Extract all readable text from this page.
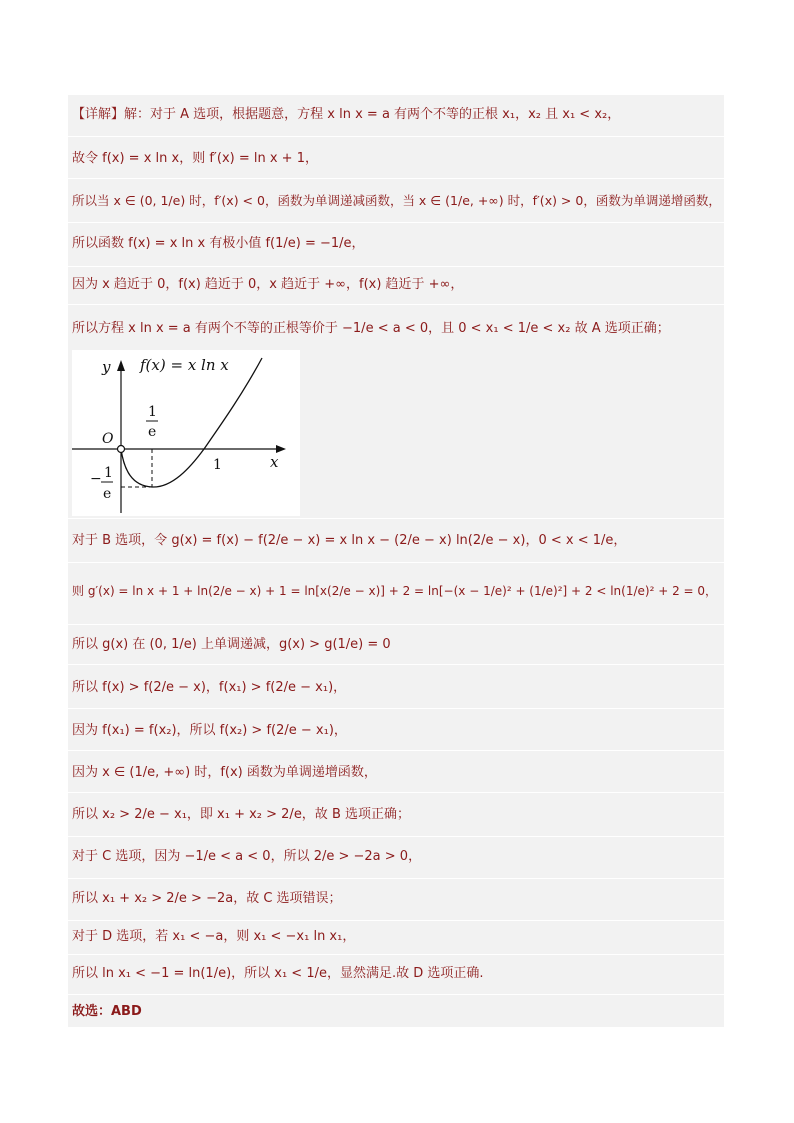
【详解】解：对于 A 选项，根据题意，方程 x ln x = a 有两个不等的正根 x₁，x₂ 且 x₁ < x₂，
故令 f(x) = x ln x，则 f′(x) = ln x + 1，
所以当 x ∈ (0, 1/e) 时，f′(x) < 0，函数为单调递减函数，当 x ∈ (1/e, +∞) 时，f′(x) > 0，函数为单调递增函数，
所以函数 f(x) = x ln x 有极小值 f(1/e) = −1/e，
因为 x 趋近于 0，f(x) 趋近于 0，x 趋近于 +∞，f(x) 趋近于 +∞，
所以方程 x ln x = a 有两个不等的正根等价于 −1/e < a < 0，且 0 < x₁ < 1/e < x₂ 故 A 选项正确；
y f(x) = x ln x
O
1
e
1	x
− 1
e
对于 B 选项，令 g(x) = f(x) − f(2/e − x) = x ln x − (2/e − x) ln(2/e − x)，0 < x < 1/e，
则 g′(x) = ln x + 1 + ln(2/e − x) + 1 = ln[x(2/e − x)] + 2 = ln[−(x − 1/e)² + (1/e)²] + 2 < ln(1/e)² + 2 = 0，
所以 g(x) 在 (0, 1/e) 上单调递减，g(x) > g(1/e) = 0
所以 f(x) > f(2/e − x)，f(x₁) > f(2/e − x₁)，
因为 f(x₁) = f(x₂)，所以 f(x₂) > f(2/e − x₁)，
因为 x ∈ (1/e, +∞) 时，f(x) 函数为单调递增函数，
所以 x₂ > 2/e − x₁，即 x₁ + x₂ > 2/e，故 B 选项正确；
对于 C 选项，因为 −1/e < a < 0，所以 2/e > −2a > 0，
所以 x₁ + x₂ > 2/e > −2a，故 C 选项错误；
对于 D 选项，若 x₁ < −a，则 x₁ < −x₁ ln x₁，
所以 ln x₁ < −1 = ln(1/e)，所以 x₁ < 1/e，显然满足.故 D 选项正确.
故选：ABD
